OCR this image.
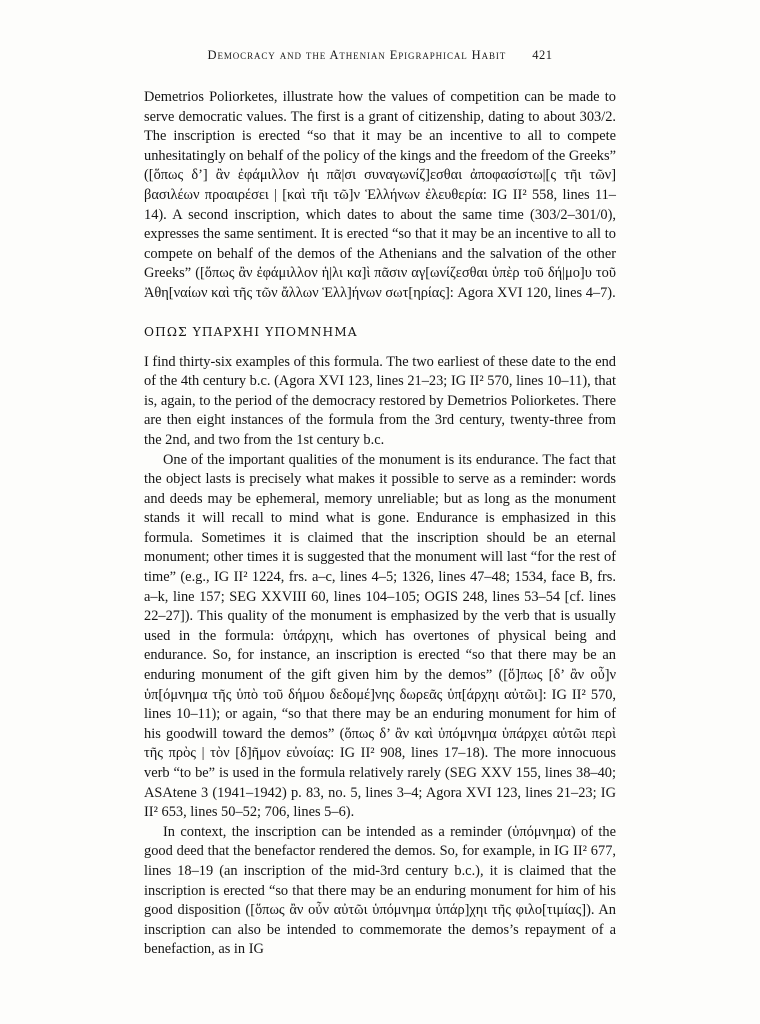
Democracy and the Athenian Epigraphical Habit 421

Demetrios Poliorketes, illustrate how the values of competition can be made to serve democratic values. The first is a grant of citizenship, dating to about 303/2. The inscription is erected “so that it may be an incentive to all to compete unhesitatingly on behalf of the policy of the kings and the freedom of the Greeks” ([ὅπως δ’] ἂν ἐφάμιλλον ἡι πᾶ|σι συναγωνίζ]εσθαι ἀποφασίστω|[ς τῆι τῶν] βασιλέων προαιρέσει | [καὶ τῆι τῶ]ν Ἑλλήνων ἐλευθερία: IG II² 558, lines 11–14). A second inscription, which dates to about the same time (303/2–301/0), expresses the same sentiment. It is erected “so that it may be an incentive to all to compete on behalf of the demos of the Athenians and the salvation of the other Greeks” ([ὅπως ἂν ἐφάμιλλον ἡ|λι κα]ὶ πᾶσιν αγ[ωνίζεσθαι ὑπὲρ τοῦ δή|μο]υ τοῦ Ἀθη[ναίων καὶ τῆς τῶν ἄλλων Ἑλλ]ήνων σωτ[ηρίας]: Agora XVI 120, lines 4–7).

ΟΠΩΣ ΥΠΑΡΧΗΙ ΥΠΟΜΝΗΜΑ

I find thirty-six examples of this formula. The two earliest of these date to the end of the 4th century b.c. (Agora XVI 123, lines 21–23; IG II² 570, lines 10–11), that is, again, to the period of the democracy restored by Demetrios Poliorketes. There are then eight instances of the formula from the 3rd century, twenty-three from the 2nd, and two from the 1st century b.c.

One of the important qualities of the monument is its endurance. The fact that the object lasts is precisely what makes it possible to serve as a reminder: words and deeds may be ephemeral, memory unreliable; but as long as the monument stands it will recall to mind what is gone. Endurance is emphasized in this formula. Sometimes it is claimed that the inscription should be an eternal monument; other times it is suggested that the monument will last “for the rest of time” (e.g., IG II² 1224, frs. a–c, lines 4–5; 1326, lines 47–48; 1534, face B, frs. a–k, line 157; SEG XXVIII 60, lines 104–105; OGIS 248, lines 53–54 [cf. lines 22–27]). This quality of the monument is emphasized by the verb that is usually used in the formula: ὑπάρχηι, which has overtones of physical being and endurance. So, for instance, an inscription is erected “so that there may be an enduring monument of the gift given him by the demos” ([ὅ]πως [δ’ ἂν οὖ]ν ὑπ[όμνημα τῆς ὑπὸ τοῦ δήμου δεδομέ]νης δωρεᾶς ὑπ[άρχηι αὐτῶι]: IG II² 570, lines 10–11); or again, “so that there may be an enduring monument for him of his goodwill toward the demos” (ὅπως δ’ ἂν καὶ ὑπόμνημα ὑπάρχει αὐτῶι περὶ τῆς πρὸς | τὸν [δ]ῆμον εὐνοίας: IG II² 908, lines 17–18). The more innocuous verb “to be” is used in the formula relatively rarely (SEG XXV 155, lines 38–40; ASAtene 3 (1941–1942) p. 83, no. 5, lines 3–4; Agora XVI 123, lines 21–23; IG II² 653, lines 50–52; 706, lines 5–6).

In context, the inscription can be intended as a reminder (ὑπόμνημα) of the good deed that the benefactor rendered the demos. So, for example, in IG II² 677, lines 18–19 (an inscription of the mid-3rd century b.c.), it is claimed that the inscription is erected “so that there may be an enduring monument for him of his good disposition ([ὅπως ἂν οὖν αὐτῶι ὑπόμνημα ὑπάρ]χηι τῆς φιλο[τιμίας]). An inscription can also be intended to commemorate the demos’s repayment of a benefaction, as in IG
